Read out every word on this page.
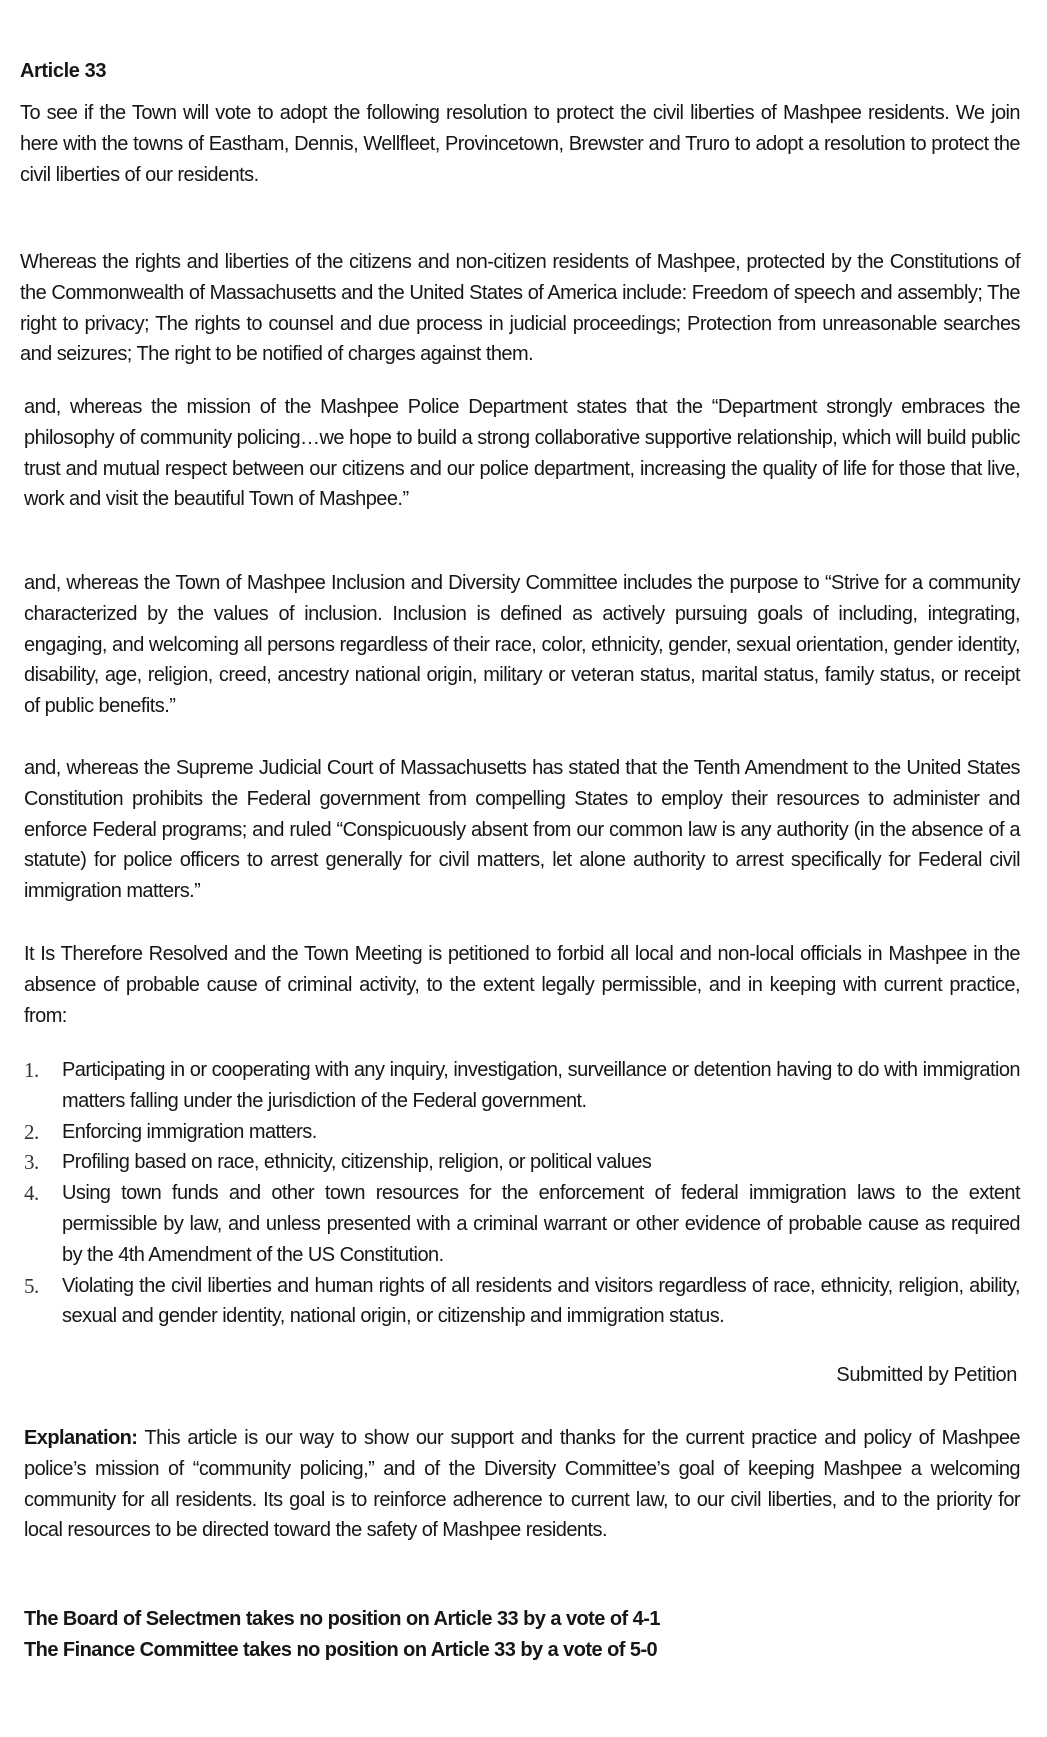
Article 33
To see if the Town will vote to adopt the following resolution to protect the civil liberties of Mashpee residents. We join here with the towns of Eastham, Dennis, Wellfleet, Provincetown, Brewster and Truro to adopt a resolution to protect the civil liberties of our residents.
Whereas the rights and liberties of the citizens and non-citizen residents of Mashpee, protected by the Constitutions of the Commonwealth of Massachusetts and the United States of America include: Freedom of speech and assembly; The right to privacy; The rights to counsel and due process in judicial proceedings; Protection from unreasonable searches and seizures; The right to be notified of charges against them.
and, whereas the mission of the Mashpee Police Department states that the “Department strongly embraces the philosophy of community policing…we hope to build a strong collaborative supportive relationship, which will build public trust and mutual respect between our citizens and our police department, increasing the quality of life for those that live, work and visit the beautiful Town of Mashpee.”
and, whereas the Town of Mashpee Inclusion and Diversity Committee includes the purpose to “Strive for a community characterized by the values of inclusion. Inclusion is defined as actively pursuing goals of including, integrating, engaging, and welcoming all persons regardless of their race, color, ethnicity, gender, sexual orientation, gender identity, disability, age, religion, creed, ancestry national origin, military or veteran status, marital status, family status, or receipt of public benefits.”
and, whereas the Supreme Judicial Court of Massachusetts has stated that the Tenth Amendment to the United States Constitution prohibits the Federal government from compelling States to employ their resources to administer and enforce Federal programs; and ruled “Conspicuously absent from our common law is any authority (in the absence of a statute) for police officers to arrest generally for civil matters, let alone authority to arrest specifically for Federal civil immigration matters.”
It Is Therefore Resolved and the Town Meeting is petitioned to forbid all local and non-local officials in Mashpee in the absence of probable cause of criminal activity, to the extent legally permissible, and in keeping with current practice, from:
1. Participating in or cooperating with any inquiry, investigation, surveillance or detention having to do with immigration matters falling under the jurisdiction of the Federal government.
2. Enforcing immigration matters.
3. Profiling based on race, ethnicity, citizenship, religion, or political values
4. Using town funds and other town resources for the enforcement of federal immigration laws to the extent permissible by law, and unless presented with a criminal warrant or other evidence of probable cause as required by the 4th Amendment of the US Constitution.
5. Violating the civil liberties and human rights of all residents and visitors regardless of race, ethnicity, religion, ability, sexual and gender identity, national origin, or citizenship and immigration status.
Submitted by Petition
Explanation: This article is our way to show our support and thanks for the current practice and policy of Mashpee police’s mission of “community policing,” and of the Diversity Committee’s goal of keeping Mashpee a welcoming community for all residents. Its goal is to reinforce adherence to current law, to our civil liberties, and to the priority for local resources to be directed toward the safety of Mashpee residents.
The Board of Selectmen takes no position on Article 33 by a vote of 4-1
The Finance Committee takes no position on Article 33 by a vote of 5-0
